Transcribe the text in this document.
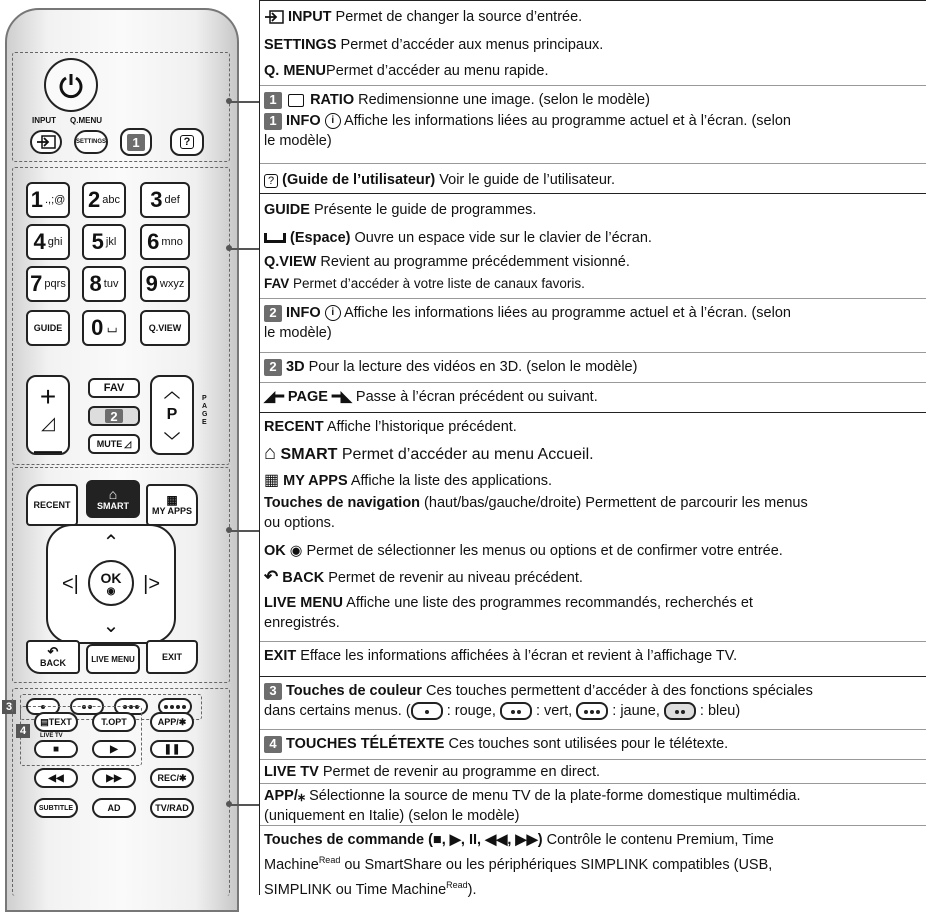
INPUT Q.MENU
SETTINGS	1	?
1 .,;@ 2 abc 3 def
4 ghi 5 jkl 6 mno
7 pqrs 8 tuv 9 wxyz
GUIDE	0 ⌴	Q.VIEW
+
◿
—
FAV
2
MUTE ◿
︿
P
﹀
PAGE
RECENT
⌂
SMART	▦
MY APPS
⌃
<|	|>
⌄
OK
◉
↶
BACK	LIVE MENU	EXIT
3
4
▤ TEXT	T.OPT	APP/✱
LIVE TV
■	▶	❚❚
◀◀	▶▶	REC/✱
SUBTITLE	AD	TV/RAD
INPUT Permet de changer la source d’entrée.
SETTINGS Permet d’accéder aux menus principaux.
Q. MENUPermet d’accéder au menu rapide.
1 RATIO Redimensionne une image. (selon le modèle)
1 INFO i Affiche les informations liées au programme actuel et à l’écran. (selon
le modèle)
? (Guide de l’utilisateur) Voir le guide de l’utilisateur.
GUIDE Présente le guide de programmes.
(Espace) Ouvre un espace vide sur le clavier de l’écran.
Q.VIEW Revient au programme précédemment visionné.
FAV Permet d’accéder à votre liste de canaux favoris.
2 INFO i Affiche les informations liées au programme actuel et à l’écran. (selon
le modèle)
2 3D Pour la lecture des vidéos en 3D. (selon le modèle)
◢━ PAGE ━◣ Passe à l’écran précédent ou suivant.
RECENT Affiche l’historique précédent.
⌂ SMART Permet d’accéder au menu Accueil.
▦ MY APPS Affiche la liste des applications.
Touches de navigation (haut/bas/gauche/droite) Permettent de parcourir les menus
ou options.
OK ◉ Permet de sélectionner les menus ou options et de confirmer votre entrée.
↶ BACK Permet de revenir au niveau précédent.
LIVE MENU Affiche une liste des programmes recommandés, recherchés et
enregistrés.
EXIT Efface les informations affichées à l’écran et revient à l’affichage TV.
3 Touches de couleur Ces touches permettent d’accéder à des fonctions spéciales
dans certains menus. ( : rouge,  : vert,  : jaune,  : bleu)
4 TOUCHES TÉLÉTEXTE Ces touches sont utilisées pour le télétexte.
LIVE TV Permet de revenir au programme en direct.
APP/⁎ Sélectionne la source de menu TV de la plate-forme domestique multimédia.
(uniquement en Italie) (selon le modèle)
Touches de commande (■, ▶, II, ◀◀, ▶▶) Contrôle le contenu Premium, Time
Machine$^{Read}$ ou SmartShare ou les périphériques SIMPLINK compatibles (USB,
SIMPLINK ou Time Machine$^{Read}$).
